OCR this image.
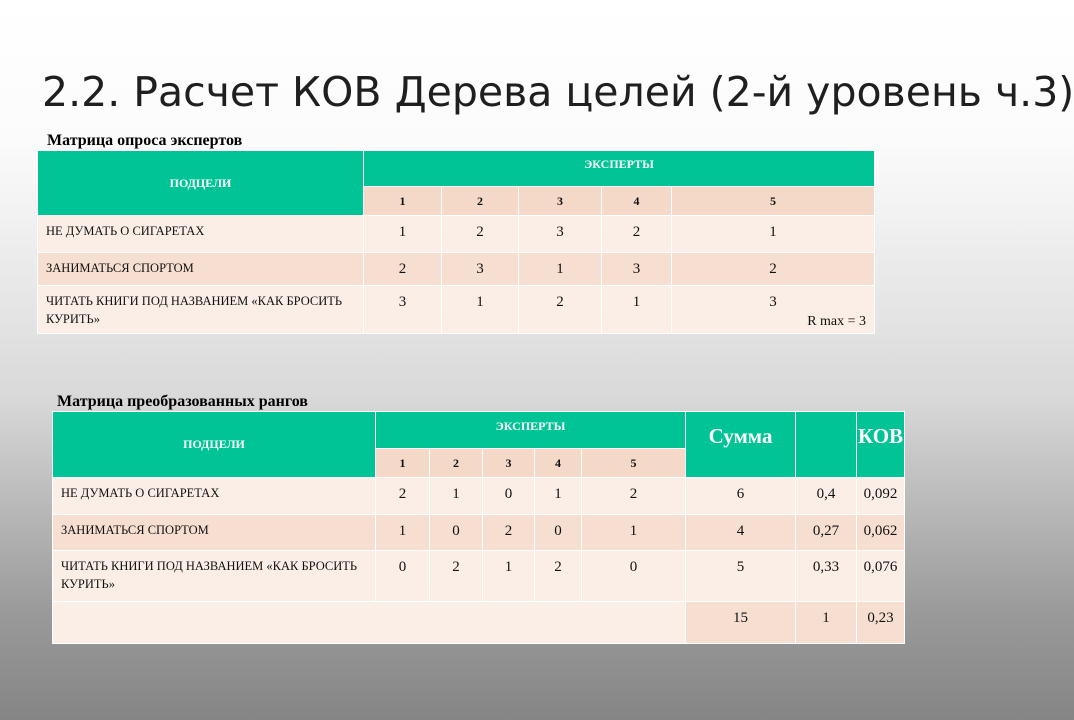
2.2. Расчет КОВ Дерева целей (2-й уровень ч.3)
Матрица опроса экспертов
ПОДЦЕЛИ	ЭКСПЕРТЫ				
	1	2	3	4	5
НЕ ДУМАТЬ О СИГАРЕТАХ	1	2	3	2	1
ЗАНИМАТЬСЯ СПОРТОМ	2	3	1	3	2
ЧИТАТЬ КНИГИ ПОД НАЗВАНИЕМ «КАК БРОСИТЬ КУРИТЬ»	3	1	2	1	3
R max = 3
Матрица преобразованных рангов
ПОДЦЕЛИ	ЭКСПЕРТЫ					Сумма		КОВ
	1	2	3	4	5			
НЕ ДУМАТЬ О СИГАРЕТАХ	2	1	0	1	2	6	0,4	0,092
ЗАНИМАТЬСЯ СПОРТОМ	1	0	2	0	1	4	0,27	0,062
ЧИТАТЬ КНИГИ ПОД НАЗВАНИЕМ «КАК БРОСИТЬ КУРИТЬ»	0	2	1	2	0	5	0,33	0,076
						15	1	0,23
